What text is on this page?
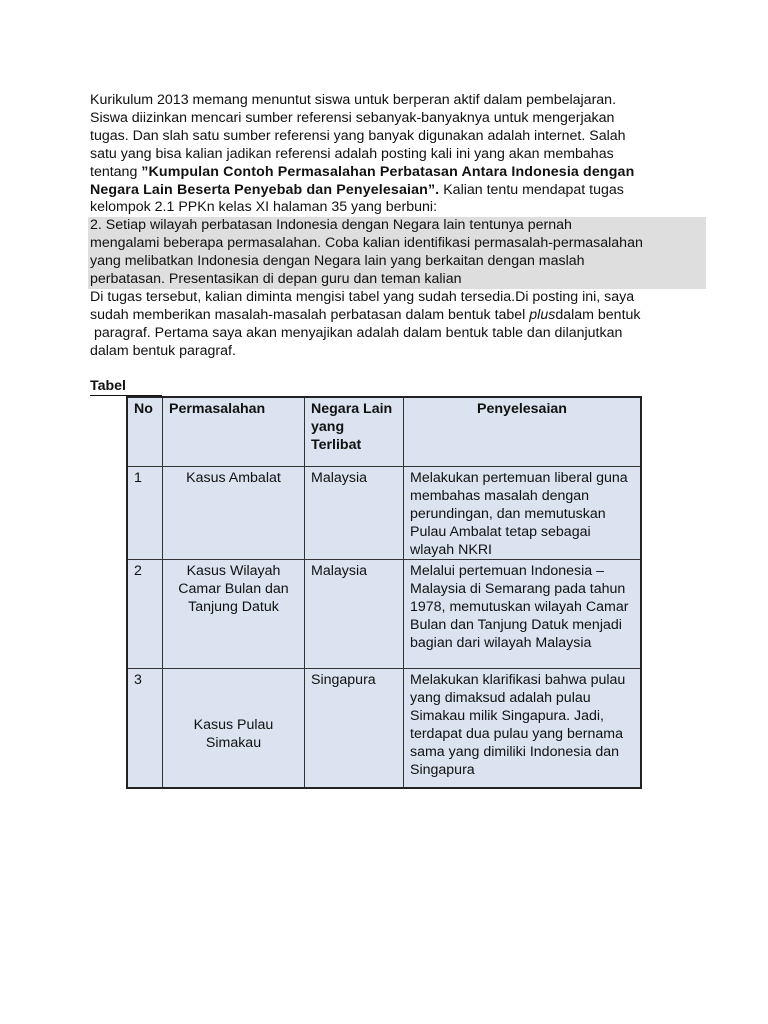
Kurikulum 2013 memang menuntut siswa untuk berperan aktif dalam pembelajaran.
Siswa diizinkan mencari sumber referensi sebanyak-banyaknya untuk mengerjakan
tugas. Dan slah satu sumber referensi yang banyak digunakan adalah internet. Salah
satu yang bisa kalian jadikan referensi adalah posting kali ini yang akan membahas
tentang ”Kumpulan Contoh Permasalahan Perbatasan Antara Indonesia dengan
Negara Lain Beserta Penyebab dan Penyelesaian”. Kalian tentu mendapat tugas
kelompok 2.1 PPKn kelas XI halaman 35 yang berbuni:
2. Setiap wilayah perbatasan Indonesia dengan Negara lain tentunya pernah
mengalami beberapa permasalahan. Coba kalian identifikasi permasalah-permasalahan
yang melibatkan Indonesia dengan Negara lain yang berkaitan dengan maslah
perbatasan. Presentasikan di depan guru dan teman kalian
Di tugas tersebut, kalian diminta mengisi tabel yang sudah tersedia.Di posting ini, saya
sudah memberikan masalah-masalah perbatasan dalam bentuk tabel plusdalam bentuk
paragraf. Pertama saya akan menyajikan adalah dalam bentuk table dan dilanjutkan
dalam bentuk paragraf.
Tabel
No	Permasalahan	Negara Lain yang Terlibat	Penyelesaian
1	Kasus Ambalat	Malaysia	Melakukan pertemuan liberal guna membahas masalah dengan perundingan, dan memutuskan Pulau Ambalat tetap sebagai wlayah NKRI
2	Kasus Wilayah Camar Bulan dan Tanjung Datuk	Malaysia	Melalui pertemuan Indonesia – Malaysia di Semarang pada tahun 1978, memutuskan wilayah Camar Bulan dan Tanjung Datuk menjadi bagian dari wilayah Malaysia
3	Kasus Pulau Simakau	Singapura	Melakukan klarifikasi bahwa pulau yang dimaksud adalah pulau Simakau milik Singapura. Jadi, terdapat dua pulau yang bernama sama yang dimiliki Indonesia dan Singapura
